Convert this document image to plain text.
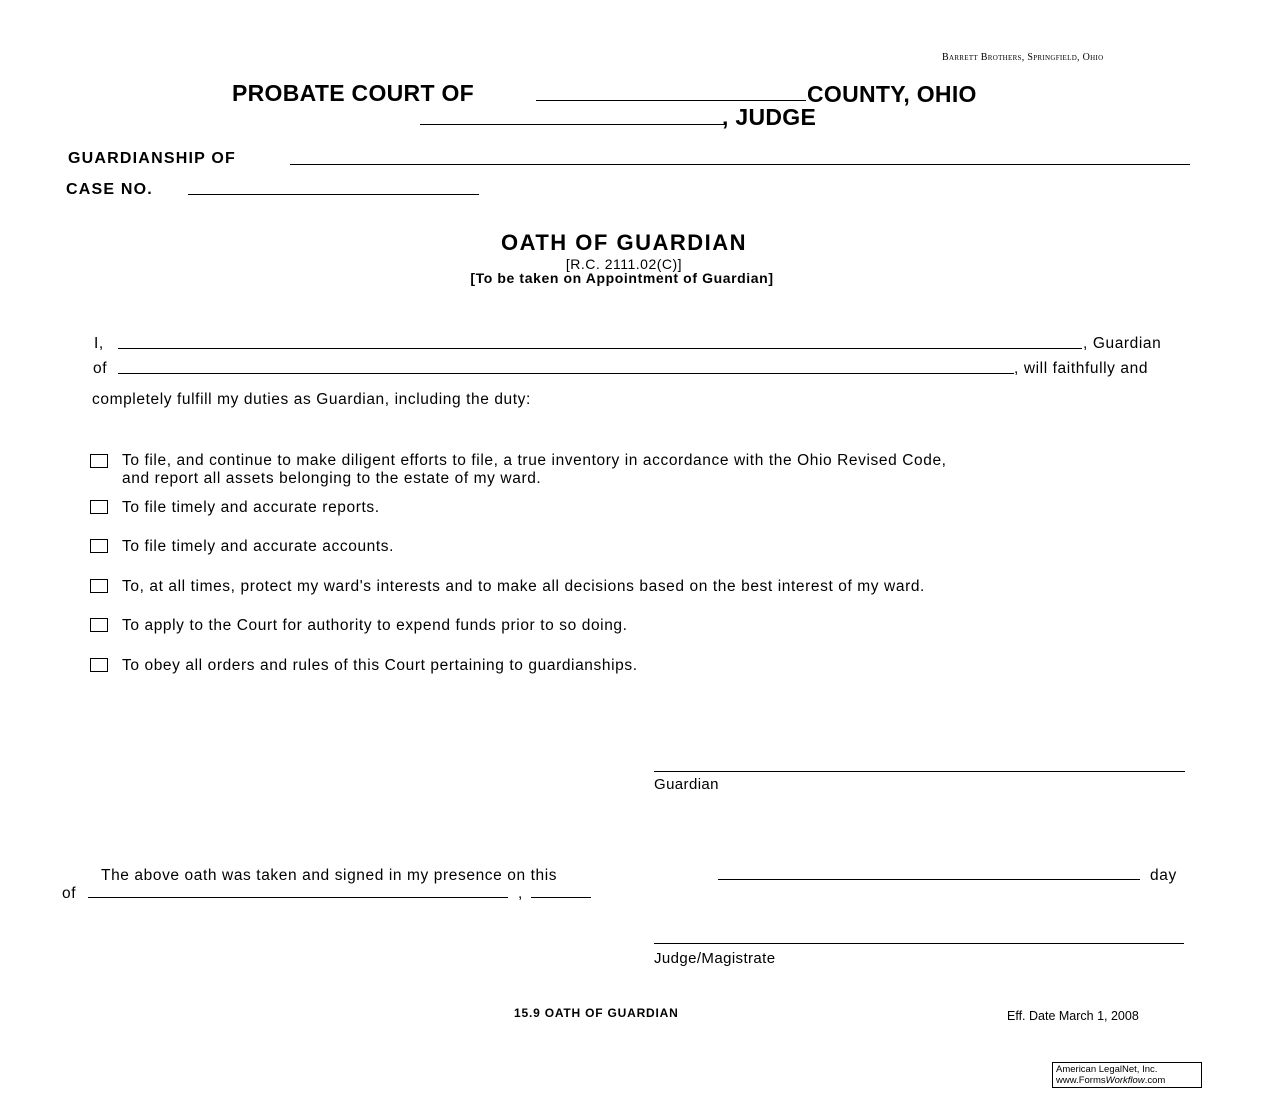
Barrett Brothers, Springfield, Ohio
PROBATE COURT OF	COUNTY, OHIO
, JUDGE
GUARDIANSHIP OF
CASE NO.
OATH OF GUARDIAN
[R.C. 2111.02(C)]
[To be taken on Appointment of Guardian]
I,	, Guardian
of	, will faithfully and
completely fulfill my duties as Guardian, including the duty:
To file, and continue to make diligent efforts to file, a true inventory in accordance with the Ohio Revised Code,
and report all assets belonging to the estate of my ward.
To file timely and accurate reports.
To file timely and accurate accounts.
To, at all times, protect my ward's interests and to make all decisions based on the best interest of my ward.
To apply to the Court for authority to expend funds prior to so doing.
To obey all orders and rules of this Court pertaining to guardianships.
Guardian
The above oath was taken and signed in my presence on this	day
of	,
Judge/Magistrate
15.9 OATH OF GUARDIAN	Eff. Date March 1, 2008
American LegalNet, Inc.
www.FormsWorkflow.com
